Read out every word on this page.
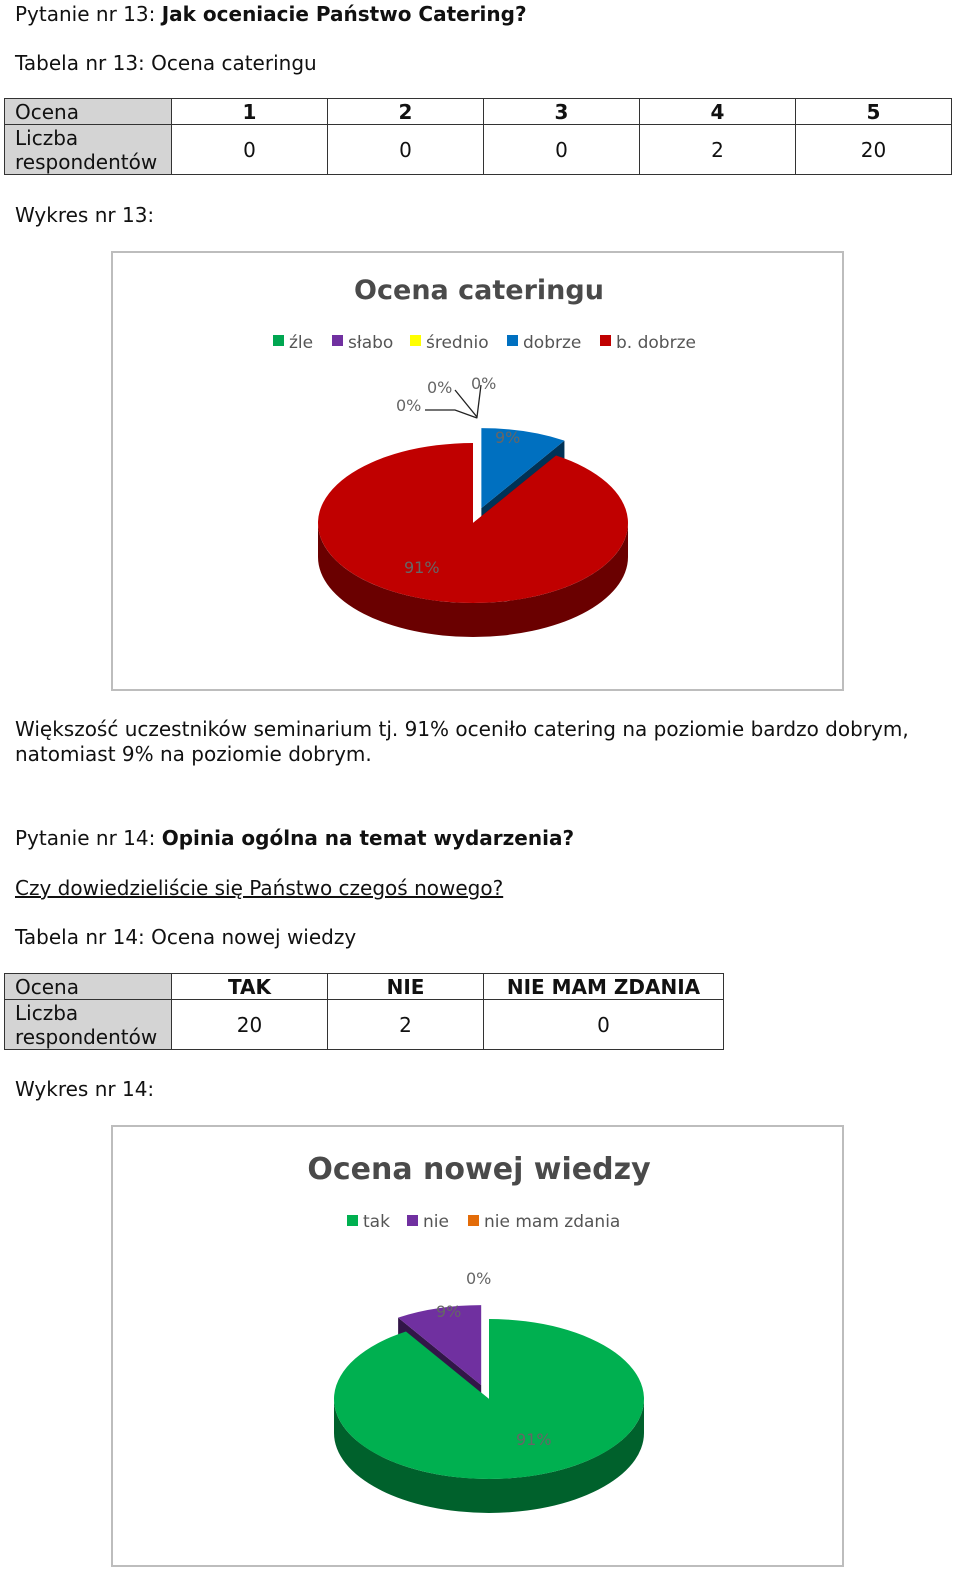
Pytanie nr 13: Jak oceniacie Państwo Catering?
Tabela nr 13: Ocena cateringu
Ocena	1	2	3	4	5
Liczba
respondentów	0	0	0	2	20
Wykres nr 13:
Ocena cateringu
źle słabo średnio dobrze b. dobrze
0%
0% 0%
9%
91%
Większość uczestników seminarium tj. 91% oceniło catering na poziomie bardzo dobrym,
natomiast 9% na poziomie dobrym.
Pytanie nr 14: Opinia ogólna na temat wydarzenia?
Czy dowiedzieliście się Państwo czegoś nowego?
Tabela nr 14: Ocena nowej wiedzy
Ocena	TAK	NIE	NIE MAM ZDANIA
Liczba
respondentów	20	2	0
Wykres nr 14:
Ocena nowej wiedzy
tak nie nie mam zdania
91%
9%
0%
